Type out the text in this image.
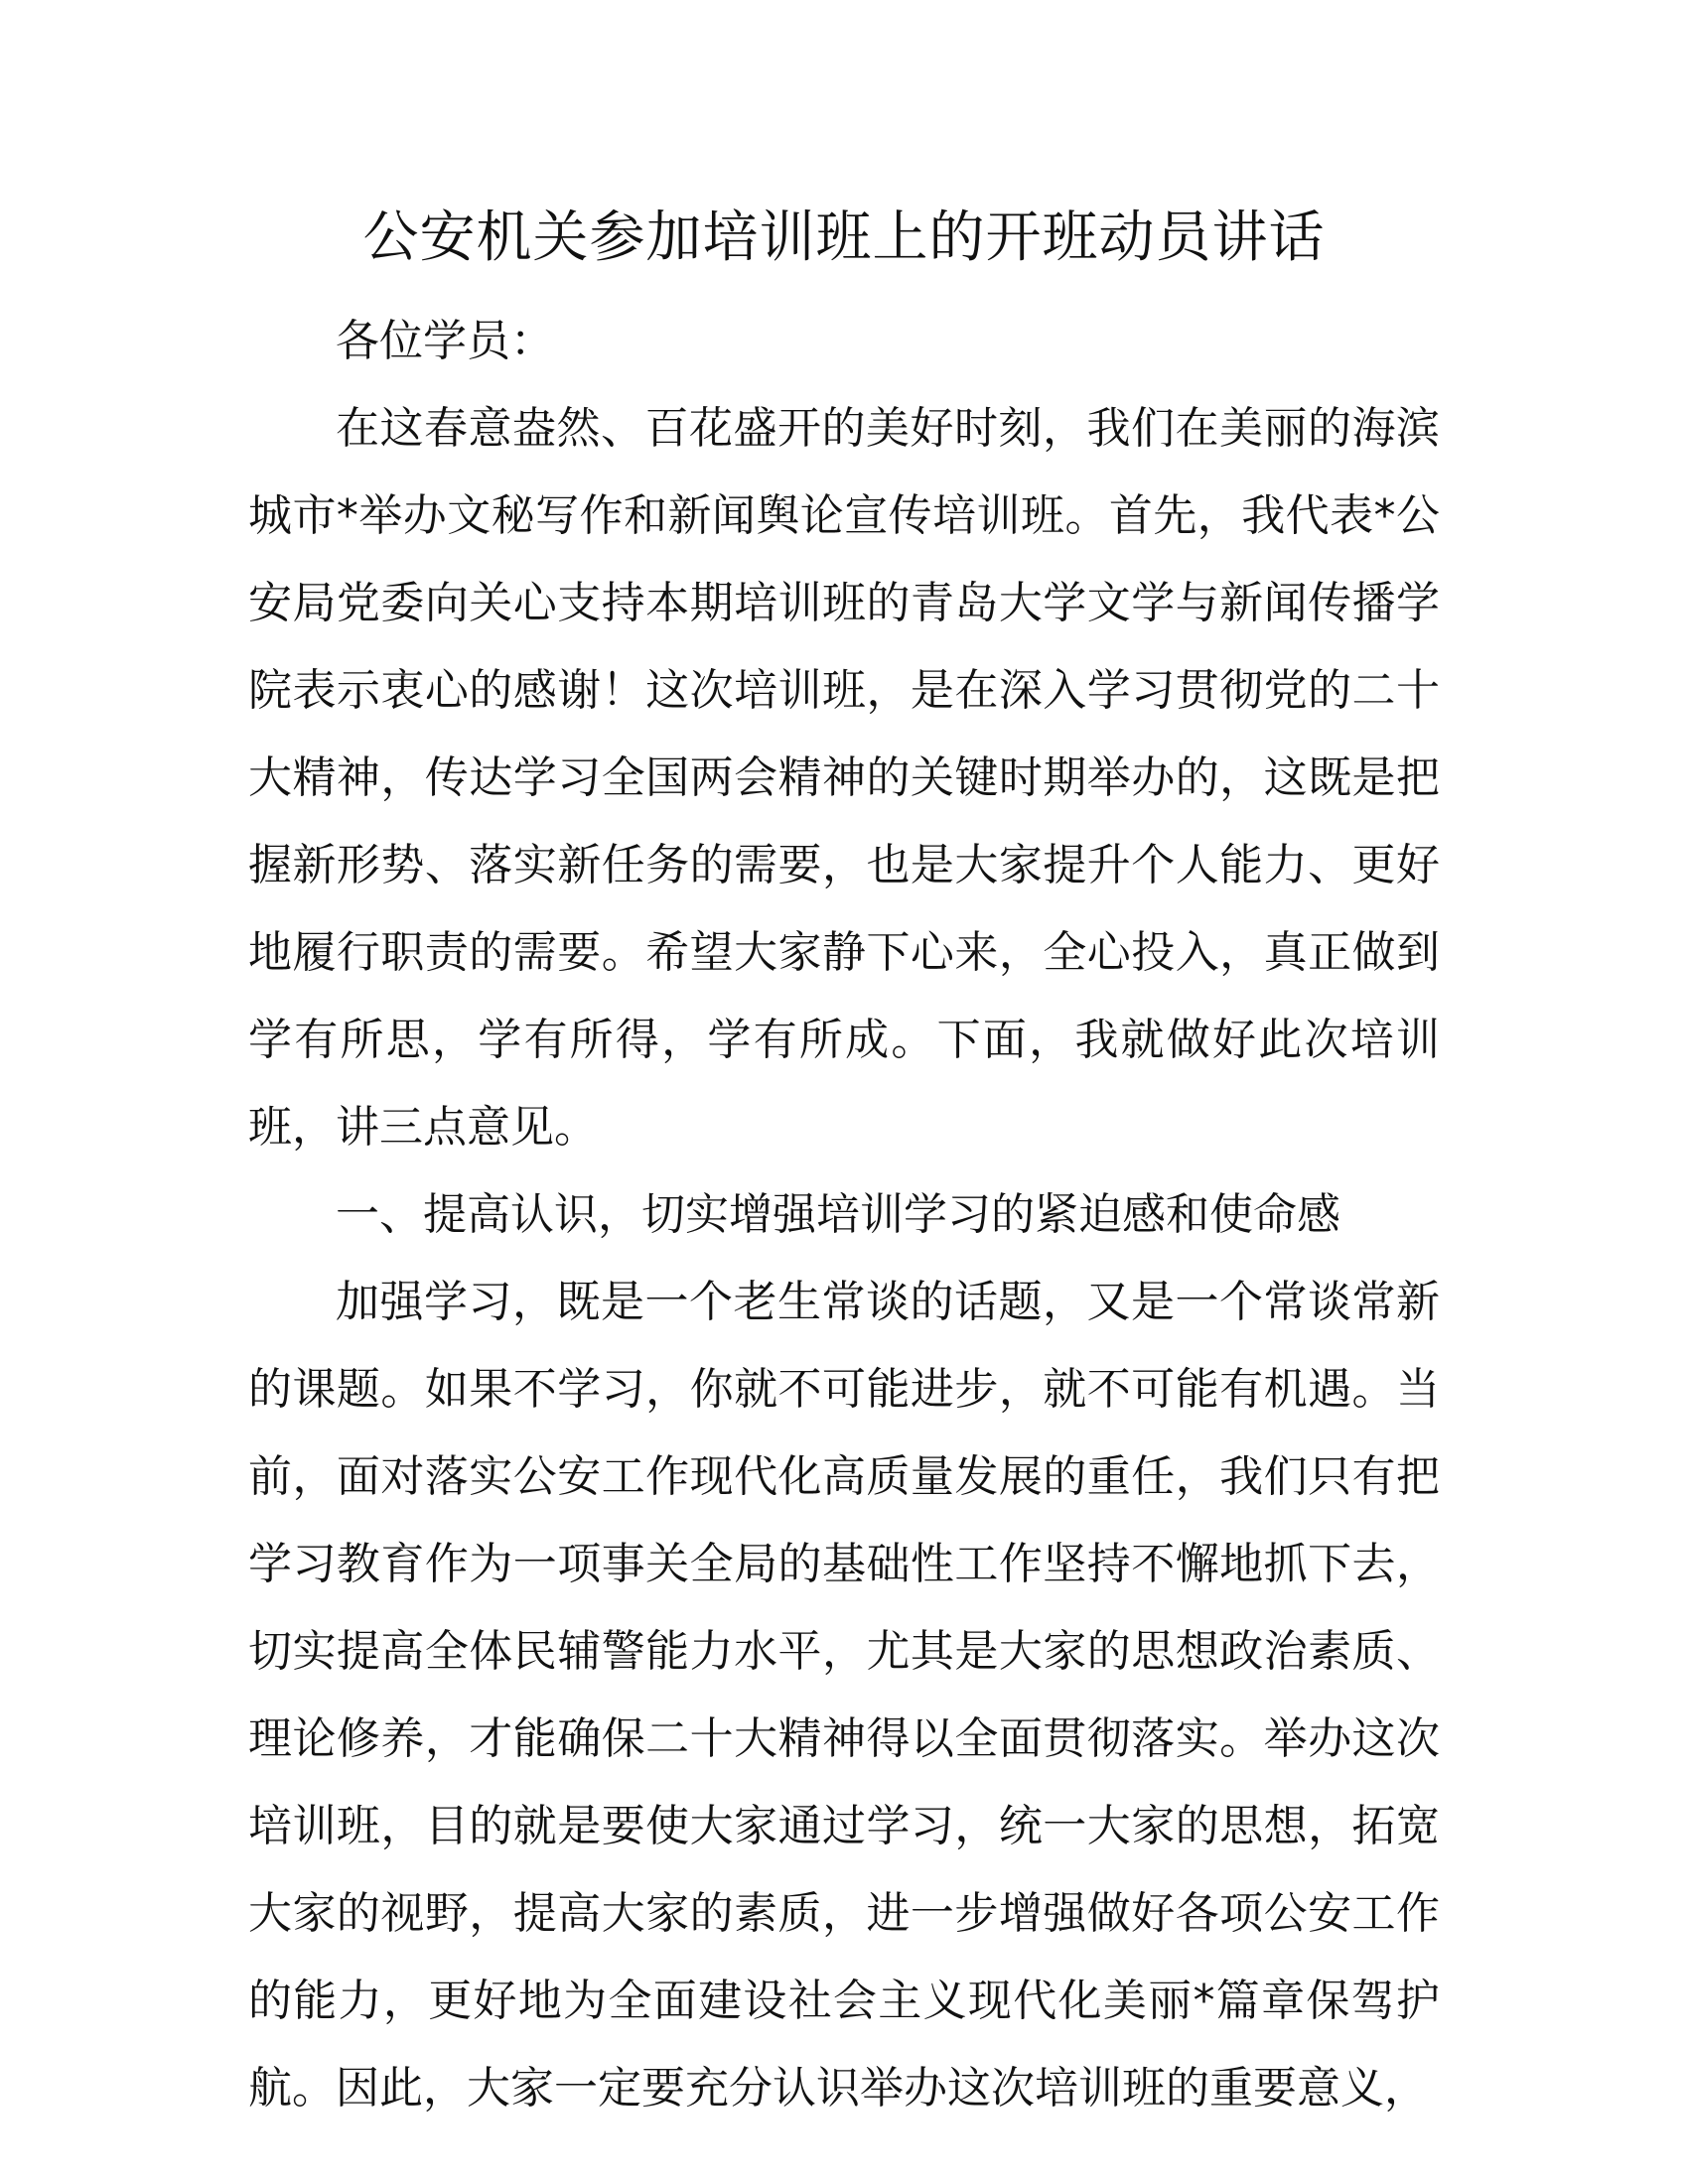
公安机关参加培训班上的开班动员讲话

各位学员：

在这春意盎然、百花盛开的美好时刻，我们在美丽的海滨城市*举办文秘写作和新闻舆论宣传培训班。首先，我代表*公安局党委向关心支持本期培训班的青岛大学文学与新闻传播学院表示衷心的感谢！这次培训班，是在深入学习贯彻党的二十大精神，传达学习全国两会精神的关键时期举办的，这既是把握新形势、落实新任务的需要，也是大家提升个人能力、更好地履行职责的需要。希望大家静下心来，全心投入，真正做到学有所思，学有所得，学有所成。下面，我就做好此次培训班，讲三点意见。

一、提高认识，切实增强培训学习的紧迫感和使命感

加强学习，既是一个老生常谈的话题，又是一个常谈常新的课题。如果不学习，你就不可能进步，就不可能有机遇。当前，面对落实公安工作现代化高质量发展的重任，我们只有把学习教育作为一项事关全局的基础性工作坚持不懈地抓下去，切实提高全体民辅警能力水平，尤其是大家的思想政治素质、理论修养，才能确保二十大精神得以全面贯彻落实。举办这次培训班，目的就是要使大家通过学习，统一大家的思想，拓宽大家的视野，提高大家的素质，进一步增强做好各项公安工作的能力，更好地为全面建设社会主义现代化美丽*篇章保驾护航。因此，大家一定要充分认识举办这次培训班的重要意义，
